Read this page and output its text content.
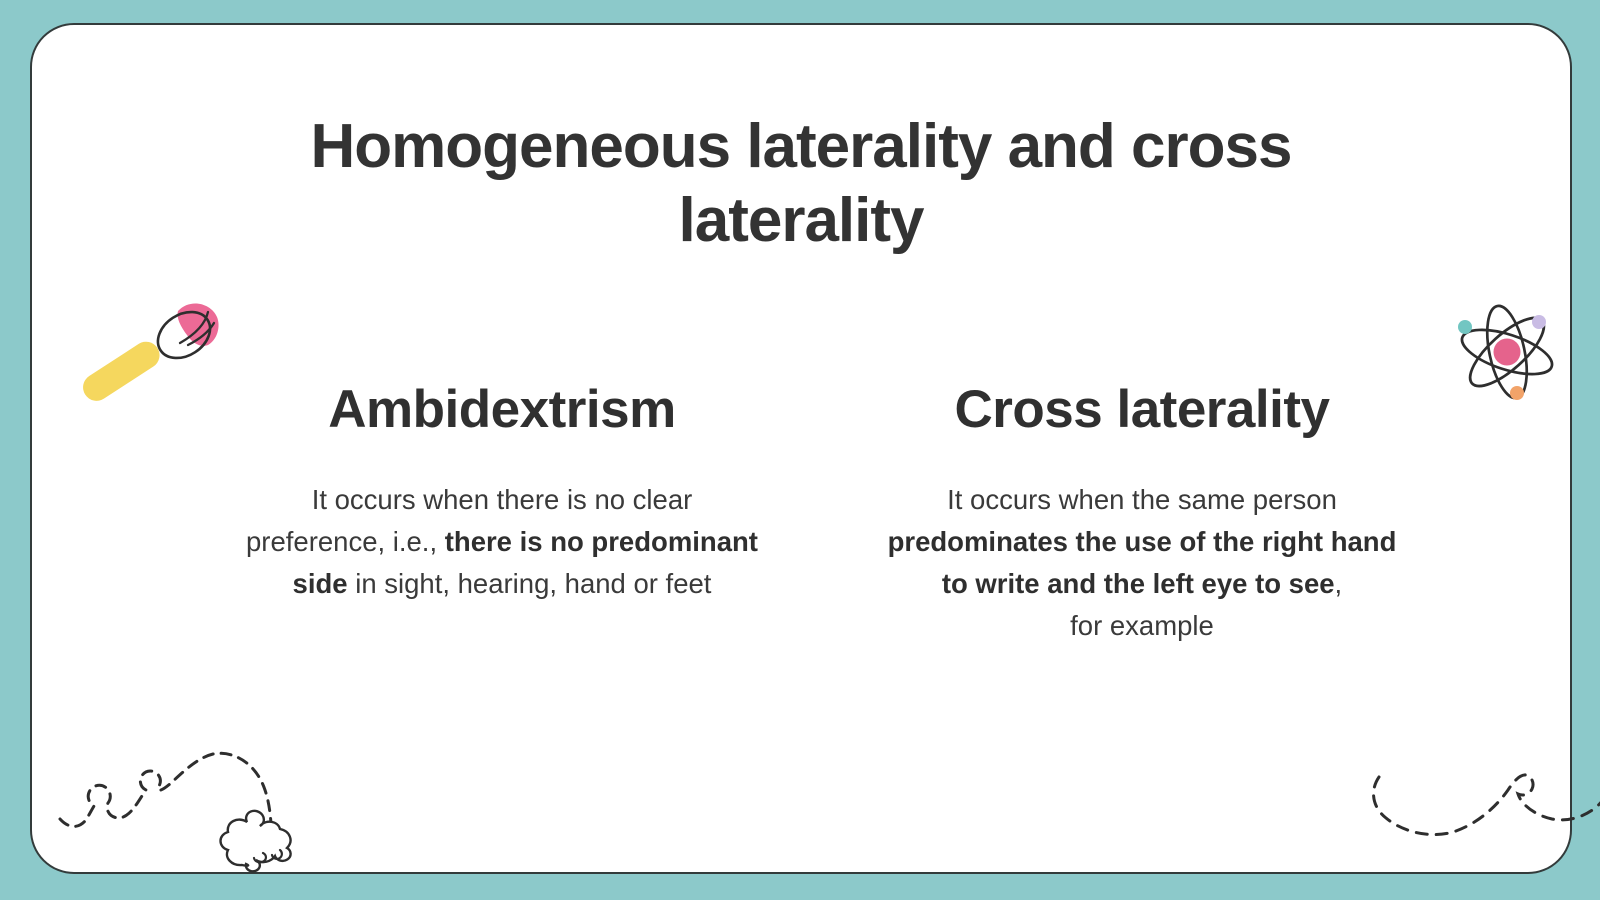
Homogeneous laterality and cross
laterality
Ambidextrism
It occurs when there is no clear
preference, i.e., there is no predominant
side in sight, hearing, hand or feet
Cross laterality
It occurs when the same person
predominates the use of the right hand
to write and the left eye to see,
for example
